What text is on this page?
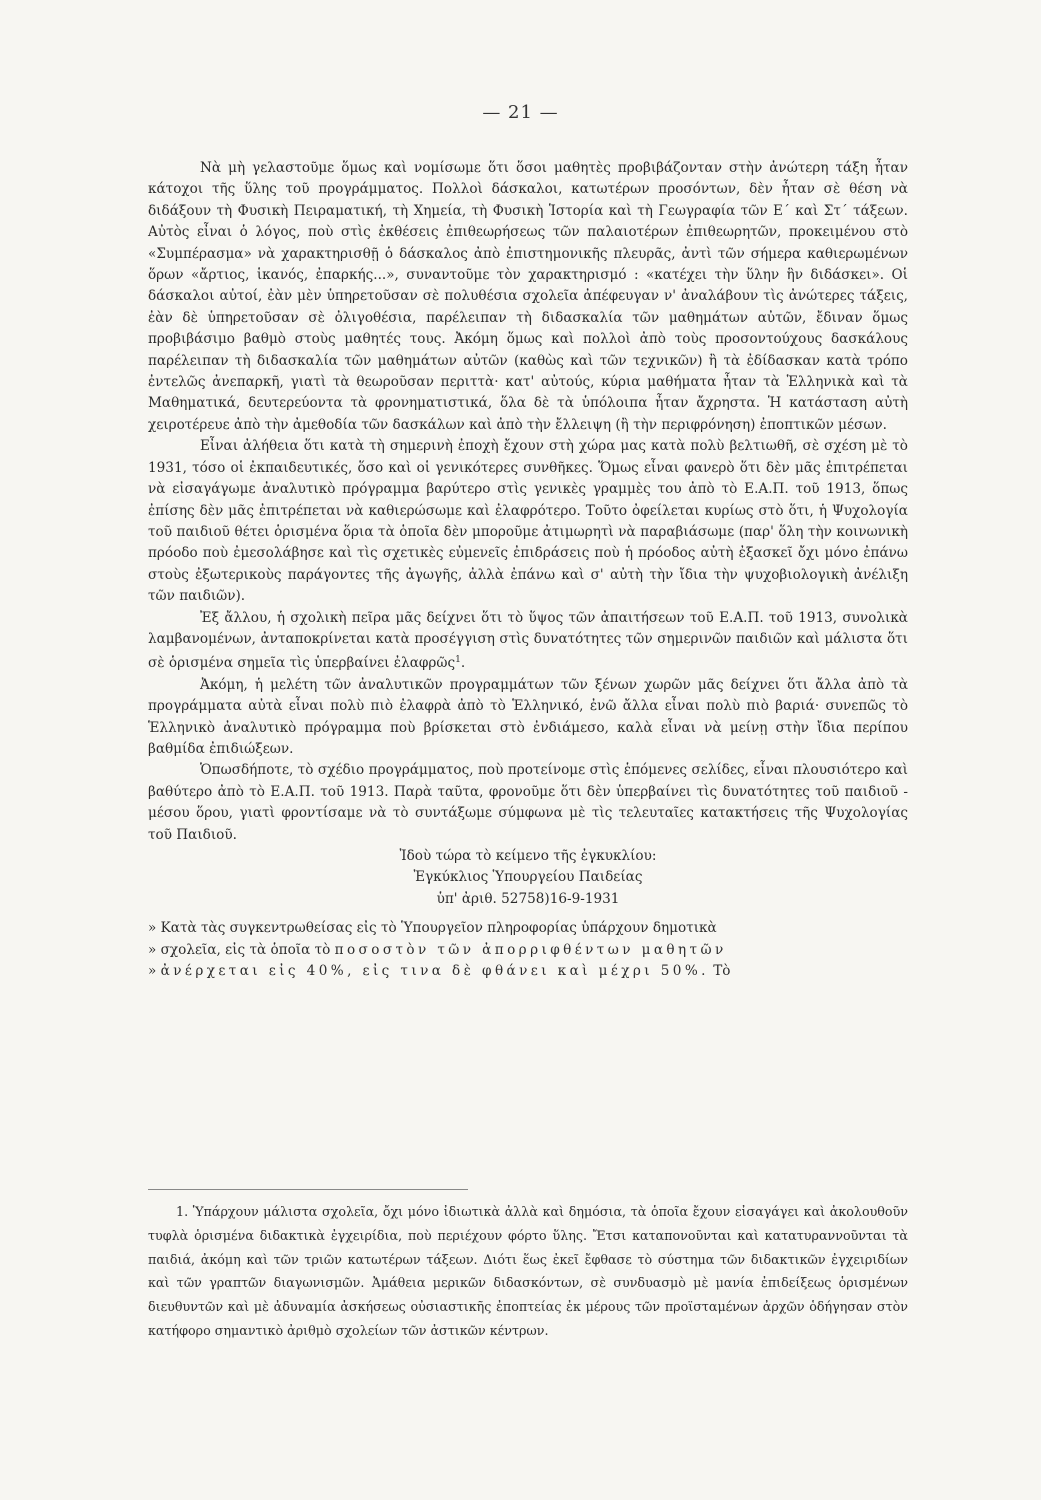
— 21 —

Νὰ μὴ γελαστοῦμε ὅμως καὶ νομίσωμε ὅτι ὅσοι μαθητὲς προβιβάζονταν στὴν ἀνώτερη τάξη ἦταν κάτοχοι τῆς ὕλης τοῦ προγράμματος. Πολλοὶ δάσκαλοι, κατωτέρων προσόντων, δὲν ἦταν σὲ θέση νὰ διδάξουν τὴ Φυσικὴ Πειραματική, τὴ Χημεία, τὴ Φυσικὴ Ἱστορία καὶ τὴ Γεωγραφία τῶν Ε΄ καὶ Στ΄ τάξεων. Αὐτὸς εἶναι ὁ λόγος, ποὺ στὶς ἐκθέσεις ἐπιθεωρήσεως τῶν παλαιοτέρων ἐπιθεωρητῶν, προκειμένου στὸ «Συμπέρασμα» νὰ χαρακτηρισθῇ ὁ δάσκαλος ἀπὸ ἐπιστημονικῆς πλευρᾶς, ἀντὶ τῶν σήμερα καθιερωμένων ὅρων «ἄρτιος, ἱκανός, ἐπαρκής...», συναντοῦμε τὸν χαρακτηρισμό : «κατέχει τὴν ὕλην ἣν διδάσκει». Οἱ δάσκαλοι αὐτοί, ἐὰν μὲν ὑπηρετοῦσαν σὲ πολυθέσια σχολεῖα ἀπέφευγαν ν' ἀναλάβουν τὶς ἀνώτερες τάξεις, ἐὰν δὲ ὑπηρετοῦσαν σὲ ὀλιγοθέσια, παρέλειπαν τὴ διδασκαλία τῶν μαθημάτων αὐτῶν, ἔδιναν ὅμως προβιβάσιμο βαθμὸ στοὺς μαθητές τους. Ἀκόμη ὅμως καὶ πολλοὶ ἀπὸ τοὺς προσοντούχους δασκάλους παρέλειπαν τὴ διδασκαλία τῶν μαθημάτων αὐτῶν (καθὼς καὶ τῶν τεχνικῶν) ἢ τὰ ἐδίδασκαν κατὰ τρόπο ἐντελῶς ἀνεπαρκῆ, γιατὶ τὰ θεωροῦσαν περιττὰ· κατ' αὐτούς, κύρια μαθήματα ἦταν τὰ Ἑλληνικὰ καὶ τὰ Μαθηματικά, δευτερεύοντα τὰ φρονηματιστικά, ὅλα δὲ τὰ ὑπόλοιπα ἦταν ἄχρηστα. Ἡ κατάσταση αὐτὴ χειροτέρευε ἀπὸ τὴν ἀμεθοδία τῶν δασκάλων καὶ ἀπὸ τὴν ἔλλειψη (ἢ τὴν περιφρόνηση) ἐποπτικῶν μέσων.

Εἶναι ἀλήθεια ὅτι κατὰ τὴ σημερινὴ ἐποχὴ ἔχουν στὴ χώρα μας κατὰ πολὺ βελτιωθῆ, σὲ σχέση μὲ τὸ 1931, τόσο οἱ ἐκπαιδευτικές, ὅσο καὶ οἱ γενικότερες συνθῆκες. Ὅμως εἶναι φανερὸ ὅτι δὲν μᾶς ἐπιτρέπεται νὰ εἰσαγάγωμε ἀναλυτικὸ πρόγραμμα βαρύτερο στὶς γενικὲς γραμμὲς του ἀπὸ τὸ Ε.Α.Π. τοῦ 1913, ὅπως ἐπίσης δὲν μᾶς ἐπιτρέπεται νὰ καθιερώσωμε καὶ ἐλαφρότερο. Τοῦτο ὀφείλεται κυρίως στὸ ὅτι, ἡ Ψυχολογία τοῦ παιδιοῦ θέτει ὁρισμένα ὅρια τὰ ὁποῖα δὲν μποροῦμε ἀτιμωρητὶ νὰ παραβιάσωμε (παρ' ὅλη τὴν κοινωνικὴ πρόοδο ποὺ ἐμεσολάβησε καὶ τὶς σχετικὲς εὐμενεῖς ἐπιδράσεις ποὺ ἡ πρόοδος αὐτὴ ἐξασκεῖ ὄχι μόνο ἐπάνω στοὺς ἐξωτερικοὺς παράγοντες τῆς ἀγωγῆς, ἀλλὰ ἐπάνω καὶ σ' αὐτὴ τὴν ἴδια τὴν ψυχοβιολογικὴ ἀνέλιξη τῶν παιδιῶν).

Ἐξ ἄλλου, ἡ σχολικὴ πεῖρα μᾶς δείχνει ὅτι τὸ ὕψος τῶν ἀπαιτήσεων τοῦ Ε.Α.Π. τοῦ 1913, συνολικὰ λαμβανομένων, ἀνταποκρίνεται κατὰ προσέγγιση στὶς δυνατότητες τῶν σημερινῶν παιδιῶν καὶ μάλιστα ὅτι σὲ ὁρισμένα σημεῖα τὶς ὑπερβαίνει ἐλαφρῶς$^1$.

Ἀκόμη, ἡ μελέτη τῶν ἀναλυτικῶν προγραμμάτων τῶν ξένων χωρῶν μᾶς δείχνει ὅτι ἄλλα ἀπὸ τὰ προγράμματα αὐτὰ εἶναι πολὺ πιὸ ἐλαφρὰ ἀπὸ τὸ Ἑλληνικό, ἐνῶ ἄλλα εἶναι πολὺ πιὸ βαριά· συνεπῶς τὸ Ἑλληνικὸ ἀναλυτικὸ πρόγραμμα ποὺ βρίσκεται στὸ ἐνδιάμεσο, καλὰ εἶναι νὰ μείνῃ στὴν ἴδια περίπου βαθμίδα ἐπιδιώξεων.

Ὁπωσδήποτε, τὸ σχέδιο προγράμματος, ποὺ προτείνομε στὶς ἑπόμενες σελίδες, εἶναι πλουσιότερο καὶ βαθύτερο ἀπὸ τὸ Ε.Α.Π. τοῦ 1913. Παρὰ ταῦτα, φρονοῦμε ὅτι δὲν ὑπερβαίνει τὶς δυνατότητες τοῦ παιδιοῦ - μέσου ὅρου, γιατὶ φροντίσαμε νὰ τὸ συντάξωμε σύμφωνα μὲ τὶς τελευταῖες κατακτήσεις τῆς Ψυχολογίας τοῦ Παιδιοῦ.

Ἰδοὺ τώρα τὸ κείμενο τῆς ἐγκυκλίου:

Ἐγκύκλιος Ὑπουργείου Παιδείας

ὑπ' ἀριθ. 52758)16-9-1931

» Κατὰ τὰς συγκεντρωθείσας εἰς τὸ Ὑπουργεῖον πληροφορίας ὑπάρχουν δημοτικὰ

» σχολεῖα, εἰς τὰ ὁποῖα τὸ ποσοστὸν τῶν ἀπορριφθέντων μαθητῶν

» ἀνέρχεται εἰς 40%, εἰς τινα δὲ φθάνει καὶ μέχρι 50%. Τὸ

1. Ὑπάρχουν μάλιστα σχολεῖα, ὄχι μόνο ἰδιωτικὰ ἀλλὰ καὶ δημόσια, τὰ ὁποῖα ἔχουν εἰσαγάγει καὶ ἀκολουθοῦν τυφλὰ ὁρισμένα διδακτικὰ ἐγχειρίδια, ποὺ περιέχουν φόρτο ὕλης. Ἔτσι καταπονοῦνται καὶ κατατυραννοῦνται τὰ παιδιά, ἀκόμη καὶ τῶν τριῶν κατωτέρων τάξεων. Διότι ἕως ἐκεῖ ἔφθασε τὸ σύστημα τῶν διδακτικῶν ἐγχειριδίων καὶ τῶν γραπτῶν διαγωνισμῶν. Ἀμάθεια μερικῶν διδασκόντων, σὲ συνδυασμὸ μὲ μανία ἐπιδείξεως ὁρισμένων διευθυντῶν καὶ μὲ ἀδυναμία ἀσκήσεως οὐσιαστικῆς ἐποπτείας ἐκ μέρους τῶν προϊσταμένων ἀρχῶν ὁδήγησαν στὸν κατήφορο σημαντικὸ ἀριθμὸ σχολείων τῶν ἀστικῶν κέντρων.
